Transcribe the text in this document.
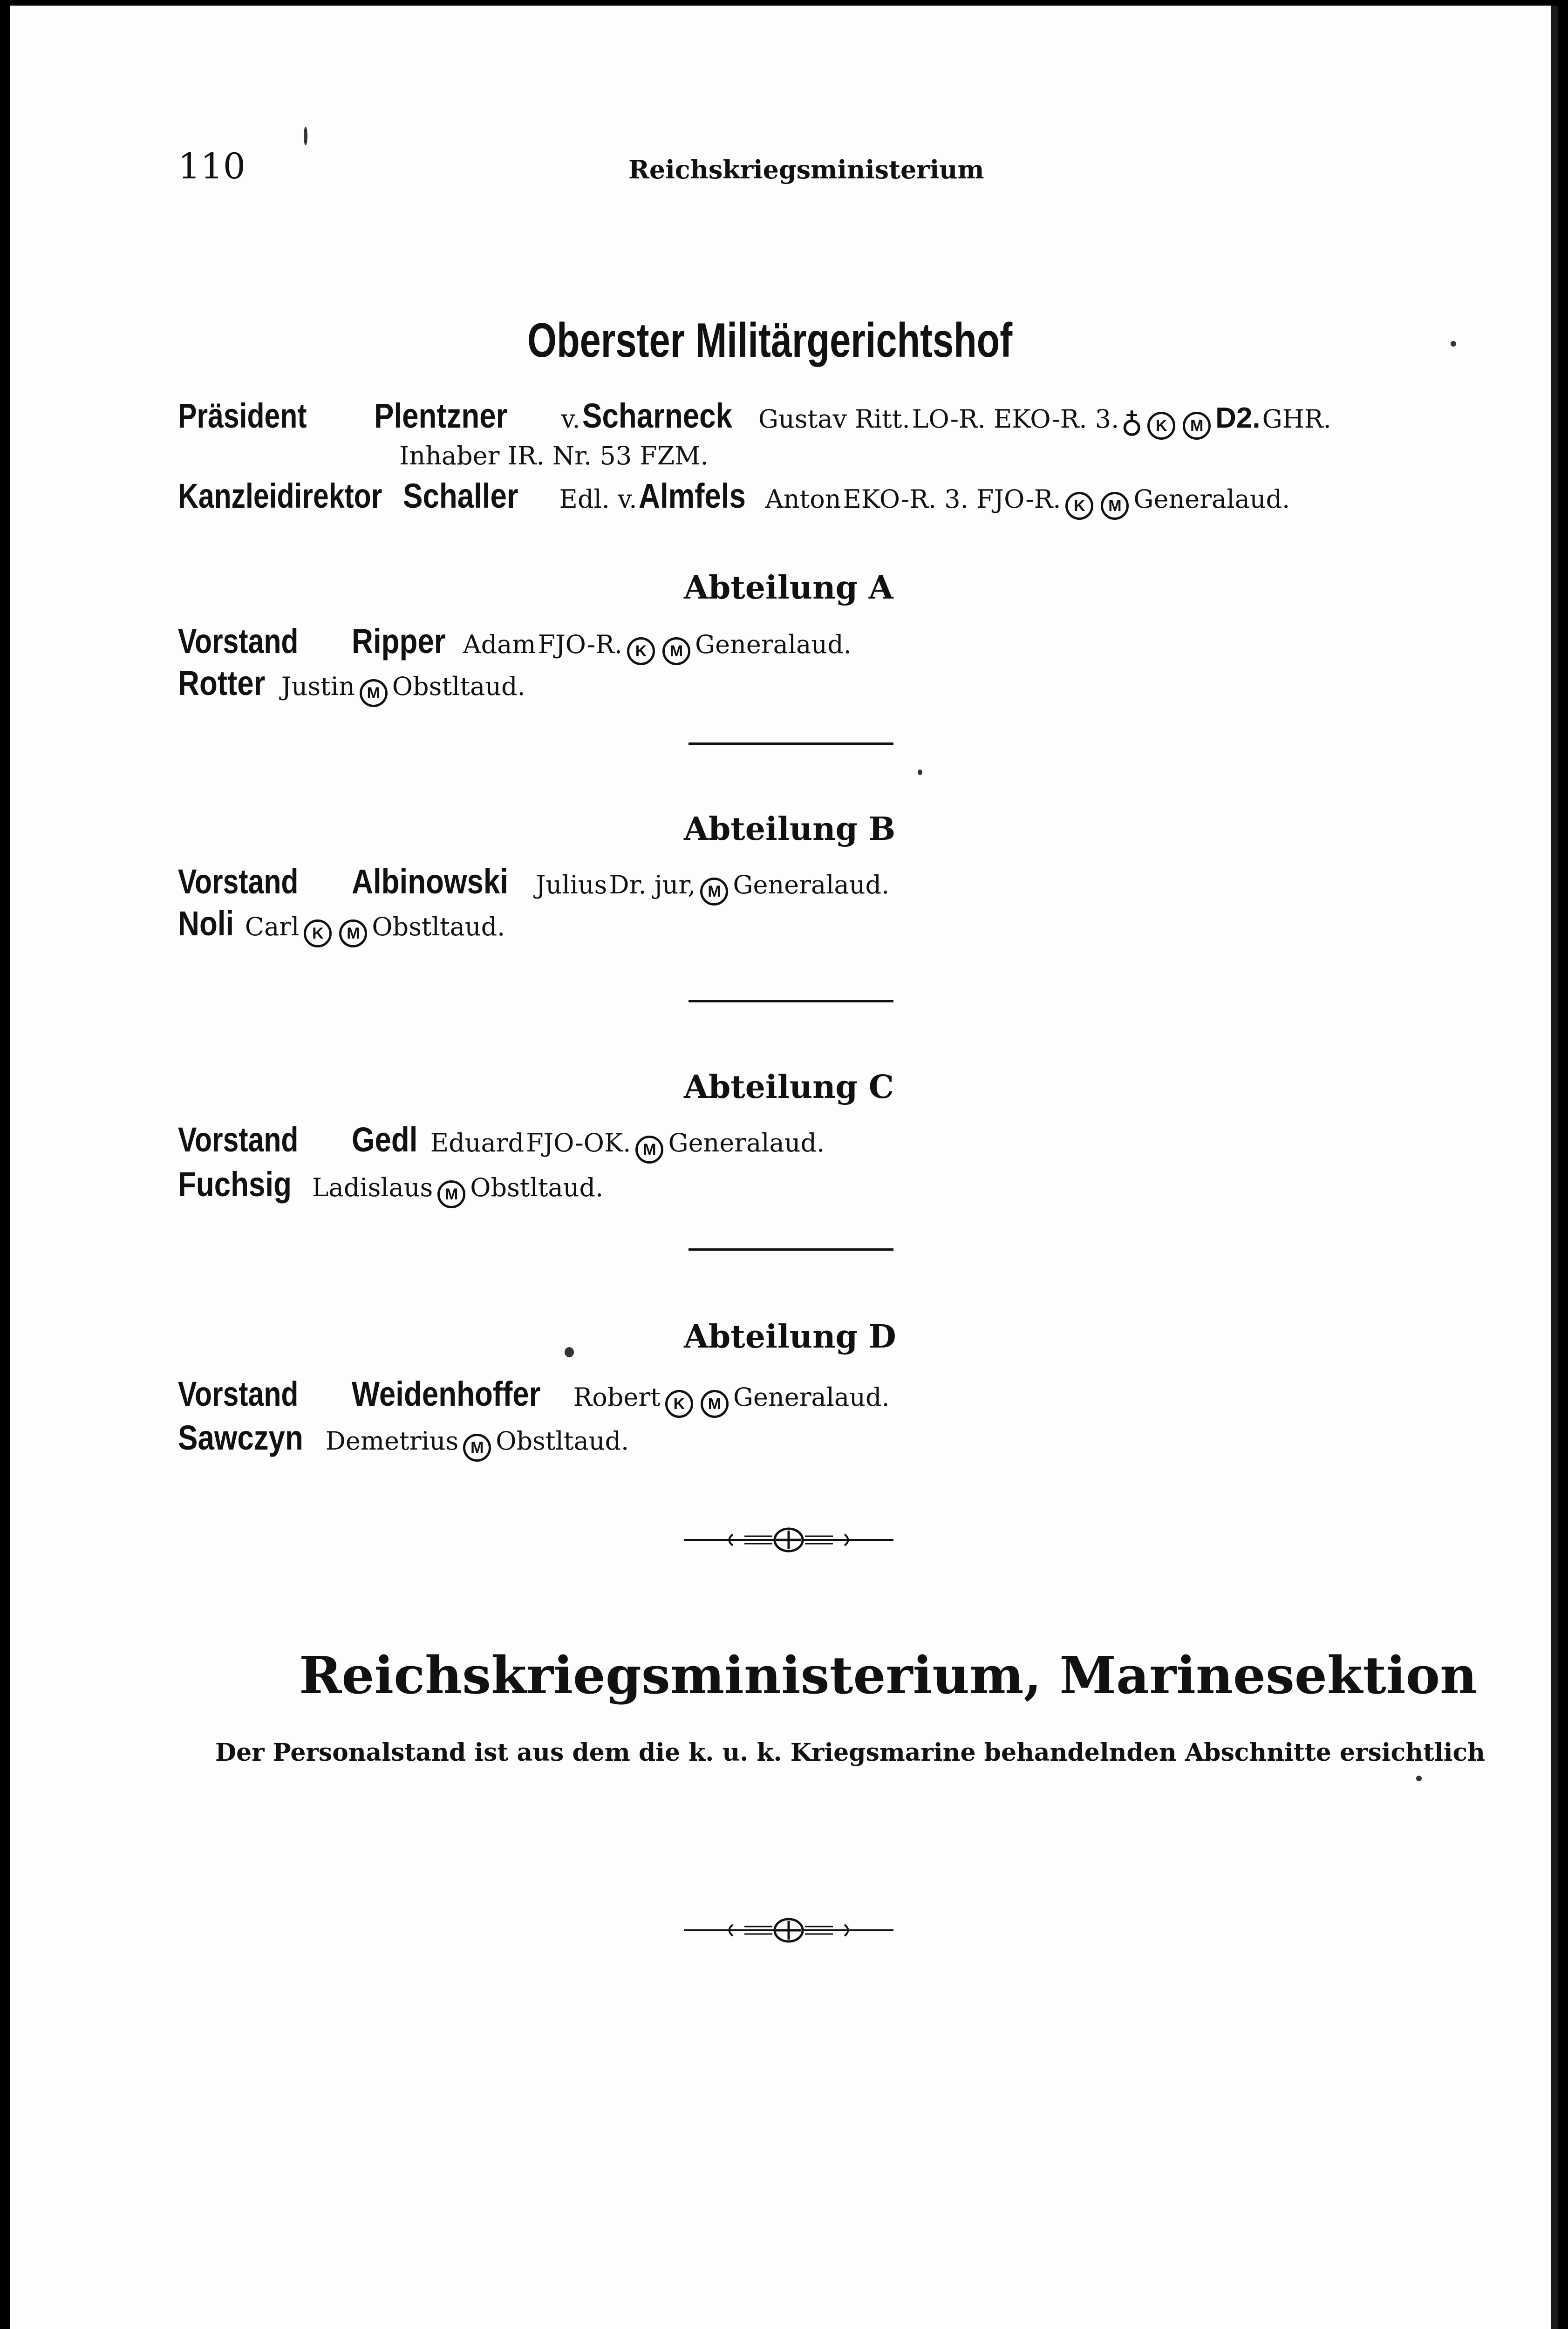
110	Reichskriegsministerium
Oberster Militärgerichtshof
Präsident Plentzner v. Scharneck Gustav Ritt. LO-R. EKO-R. 3. ♁ K M D2. GHR.
Inhaber IR. Nr. 53 FZM.
Kanzleidirektor Schaller Edl. v. Almfels Anton EKO-R. 3. FJO-R. K M Generalaud.
Abteilung A
Vorstand Ripper Adam FJO-R. K M Generalaud.
Rotter Justin M Obstltaud.
Abteilung B
Vorstand Albinowski Julius Dr. jur, M Generalaud.
Noli Carl K M Obstltaud.
Abteilung C
Vorstand Gedl Eduard FJO-OK. M Generalaud.
Fuchsig Ladislaus M Obstltaud.
Abteilung D
Vorstand Weidenhoffer Robert K M Generalaud.
Sawczyn Demetrius M Obstltaud.
Reichskriegsministerium, Marinesektion
Der Personalstand ist aus dem die k. u. k. Kriegsmarine behandelnden Abschnitte ersichtlich
